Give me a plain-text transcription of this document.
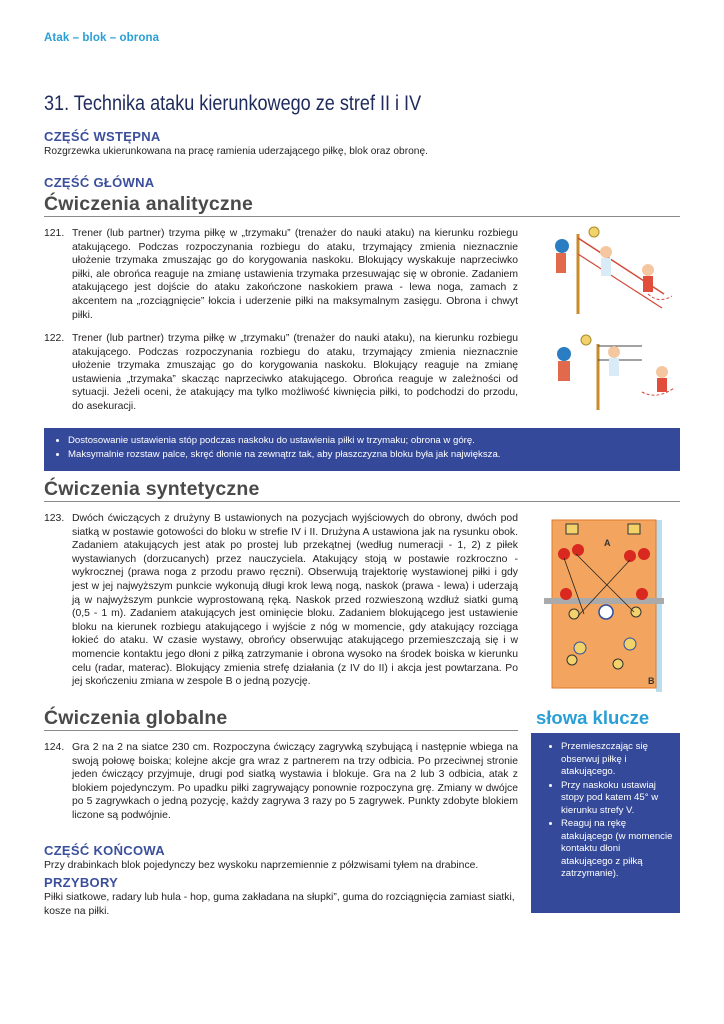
Atak – blok – obrona
31. Technika ataku kierunkowego ze stref II i IV
CZĘŚĆ WSTĘPNA
Rozgrzewka ukierunkowana na pracę ramienia uderzającego piłkę, blok oraz obronę.
CZĘŚĆ GŁÓWNA
Ćwiczenia analityczne
121. Trener (lub partner) trzyma piłkę w „trzymaku” (trenażer do nauki ataku) na kierunku rozbiegu atakującego. Podczas rozpoczynania rozbiegu do ataku, trzymający zmienia nieznacznie ułożenie trzymaka zmuszając go do korygowania naskoku. Blokujący wyskakuje naprzeciwko piłki, ale obrońca reaguje na zmianę ustawienia trzymaka przesuwając się w obronie. Zadaniem atakującego jest dojście do ataku zakończone naskokiem prawa - lewa noga, zamach z akcentem na „rozciągnięcie” łokcia i uderzenie piłki na maksymalnym zasięgu. Obrona i chwyt piłki.
122. Trener (lub partner) trzyma piłkę w „trzymaku” (trenażer do nauki ataku), na kierunku rozbiegu atakującego. Podczas rozpoczynania rozbiegu do ataku, trzymający zmienia nieznacznie ułożenie trzymaka zmuszając go do korygowania naskoku. Blokujący reaguje na zmianę ustawienia „trzymaka” skacząc naprzeciwko atakującego. Obrońca reaguje w zależności od sytuacji. Jeżeli oceni, że atakujący ma tylko możliwość kiwnięcia piłki, to podchodzi do przodu, do asekuracji.
• Dostosowanie ustawienia stóp podczas naskoku do ustawienia piłki w trzymaku; obrona w górę.
• Maksymalnie rozstaw palce, skręć dłonie na zewnątrz tak, aby płaszczyzna bloku była jak największa.
Ćwiczenia syntetyczne
123. Dwóch ćwiczących z drużyny B ustawionych na pozycjach wyjściowych do obrony, dwóch pod siatką w postawie gotowości do bloku w strefie IV i II. Drużyna A ustawiona jak na rysunku obok. Zadaniem atakujących jest atak po prostej lub przekątnej (według numeracji - 1, 2) z piłek wystawianych (dorzucanych) przez nauczyciela. Atakujący stoją w postawie rozkroczno - wykrocznej (prawa noga z przodu prawo ręczni). Obserwują trajektorię wystawionej piłki i gdy jest w jej najwyższym punkcie wykonują długi krok lewą nogą, naskok (prawa - lewa) i uderzają ją w najwyższym punkcie wyprostowaną ręką. Naskok przed rozwieszoną wzdłuż siatki gumą (0,5 - 1 m). Zadaniem atakujących jest ominięcie bloku. Zadaniem blokującego jest ustawienie bloku na kierunek rozbiegu atakującego i wyjście z nóg w momencie, gdy atakujący rozciąga łokieć do ataku. W czasie wystawy, obrońcy obserwując atakującego przemieszczają się i w momencie kontaktu jego dłoni z piłką zatrzymanie i obrona wysoko na środek boiska w kierunku celu (radar, materac). Blokujący zmienia strefę działania (z IV do II) i akcja jest powtarzana. Po jej skończeniu zmiana w zespole B o jedną pozycję.
A
B
Ćwiczenia globalne
124. Gra 2 na 2 na siatce 230 cm. Rozpoczyna ćwiczący zagrywką szybującą i następnie wbiega na swoją połowę boiska; kolejne akcje gra wraz z partnerem na trzy odbicia. Po przeciwnej stronie jeden ćwiczący przyjmuje, drugi pod siatką wystawia i blokuje. Gra na 2 lub 3 odbicia, atak z blokiem pojedynczym. Po upadku piłki zagrywający ponownie rozpoczyna grę. Zmiany w dwójce po 5 zagrywkach o jedną pozycję, każdy zagrywa 3 razy po 5 zagrywek. Punkty zdobyte blokiem liczone są podwójnie.
słowa klucze
• Przemieszczając się obserwuj piłkę i atakującego.
• Przy naskoku ustawiaj stopy pod katem 45° w kierunku strefy V.
• Reaguj na rękę atakującego (w momencie kontaktu dłoni atakującego z piłką zatrzymanie).
CZĘŚĆ KOŃCOWA
Przy drabinkach blok pojedynczy bez wyskoku naprzemiennie z półzwisami tyłem na drabince.
PRZYBORY
Piłki siatkowe, radary lub hula - hop, guma zakładana na słupki”, guma do rozciągnięcia zamiast siatki, kosze na piłki.
